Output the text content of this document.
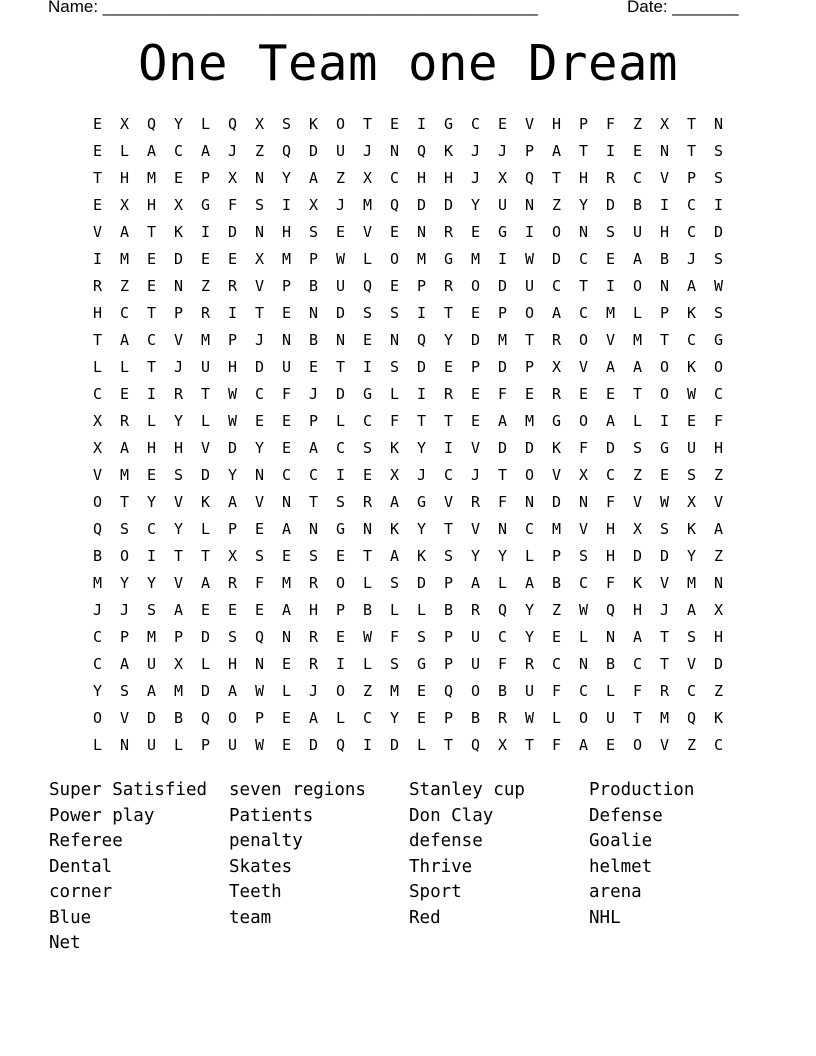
Name: ______________________________________________	Date: _______
One Team one Dream
E	X	Q	Y	L	Q	X	S	K	O	T	E	I	G	C	E	V	H	P	F	Z	X	T	N
E	L	A	C	A	J	Z	Q	D	U	J	N	Q	K	J	J	P	A	T	I	E	N	T	S
T	H	M	E	P	X	N	Y	A	Z	X	C	H	H	J	X	Q	T	H	R	C	V	P	S
E	X	H	X	G	F	S	I	X	J	M	Q	D	D	Y	U	N	Z	Y	D	B	I	C	I
V	A	T	K	I	D	N	H	S	E	V	E	N	R	E	G	I	O	N	S	U	H	C	D
I	M	E	D	E	E	X	M	P	W	L	O	M	G	M	I	W	D	C	E	A	B	J	S
R	Z	E	N	Z	R	V	P	B	U	Q	E	P	R	O	D	U	C	T	I	O	N	A	W
H	C	T	P	R	I	T	E	N	D	S	S	I	T	E	P	O	A	C	M	L	P	K	S
T	A	C	V	M	P	J	N	B	N	E	N	Q	Y	D	M	T	R	O	V	M	T	C	G
L	L	T	J	U	H	D	U	E	T	I	S	D	E	P	D	P	X	V	A	A	O	K	O
C	E	I	R	T	W	C	F	J	D	G	L	I	R	E	F	E	R	E	E	T	O	W	C
X	R	L	Y	L	W	E	E	P	L	C	F	T	T	E	A	M	G	O	A	L	I	E	F
X	A	H	H	V	D	Y	E	A	C	S	K	Y	I	V	D	D	K	F	D	S	G	U	H
V	M	E	S	D	Y	N	C	C	I	E	X	J	C	J	T	O	V	X	C	Z	E	S	Z
O	T	Y	V	K	A	V	N	T	S	R	A	G	V	R	F	N	D	N	F	V	W	X	V
Q	S	C	Y	L	P	E	A	N	G	N	K	Y	T	V	N	C	M	V	H	X	S	K	A
B	O	I	T	T	X	S	E	S	E	T	A	K	S	Y	Y	L	P	S	H	D	D	Y	Z
M	Y	Y	V	A	R	F	M	R	O	L	S	D	P	A	L	A	B	C	F	K	V	M	N
J	J	S	A	E	E	E	A	H	P	B	L	L	B	R	Q	Y	Z	W	Q	H	J	A	X
C	P	M	P	D	S	Q	N	R	E	W	F	S	P	U	C	Y	E	L	N	A	T	S	H
C	A	U	X	L	H	N	E	R	I	L	S	G	P	U	F	R	C	N	B	C	T	V	D
Y	S	A	M	D	A	W	L	J	O	Z	M	E	Q	O	B	U	F	C	L	F	R	C	Z
O	V	D	B	Q	O	P	E	A	L	C	Y	E	P	B	R	W	L	O	U	T	M	Q	K
L	N	U	L	P	U	W	E	D	Q	I	D	L	T	Q	X	T	F	A	E	O	V	Z	C
Super Satisfied	seven regions	Stanley cup	Production
Power play	Patients	Don Clay	Defense
Referee	penalty	defense	Goalie
Dental	Skates	Thrive	helmet
corner	Teeth	Sport	arena
Blue	team	Red	NHL
Net
